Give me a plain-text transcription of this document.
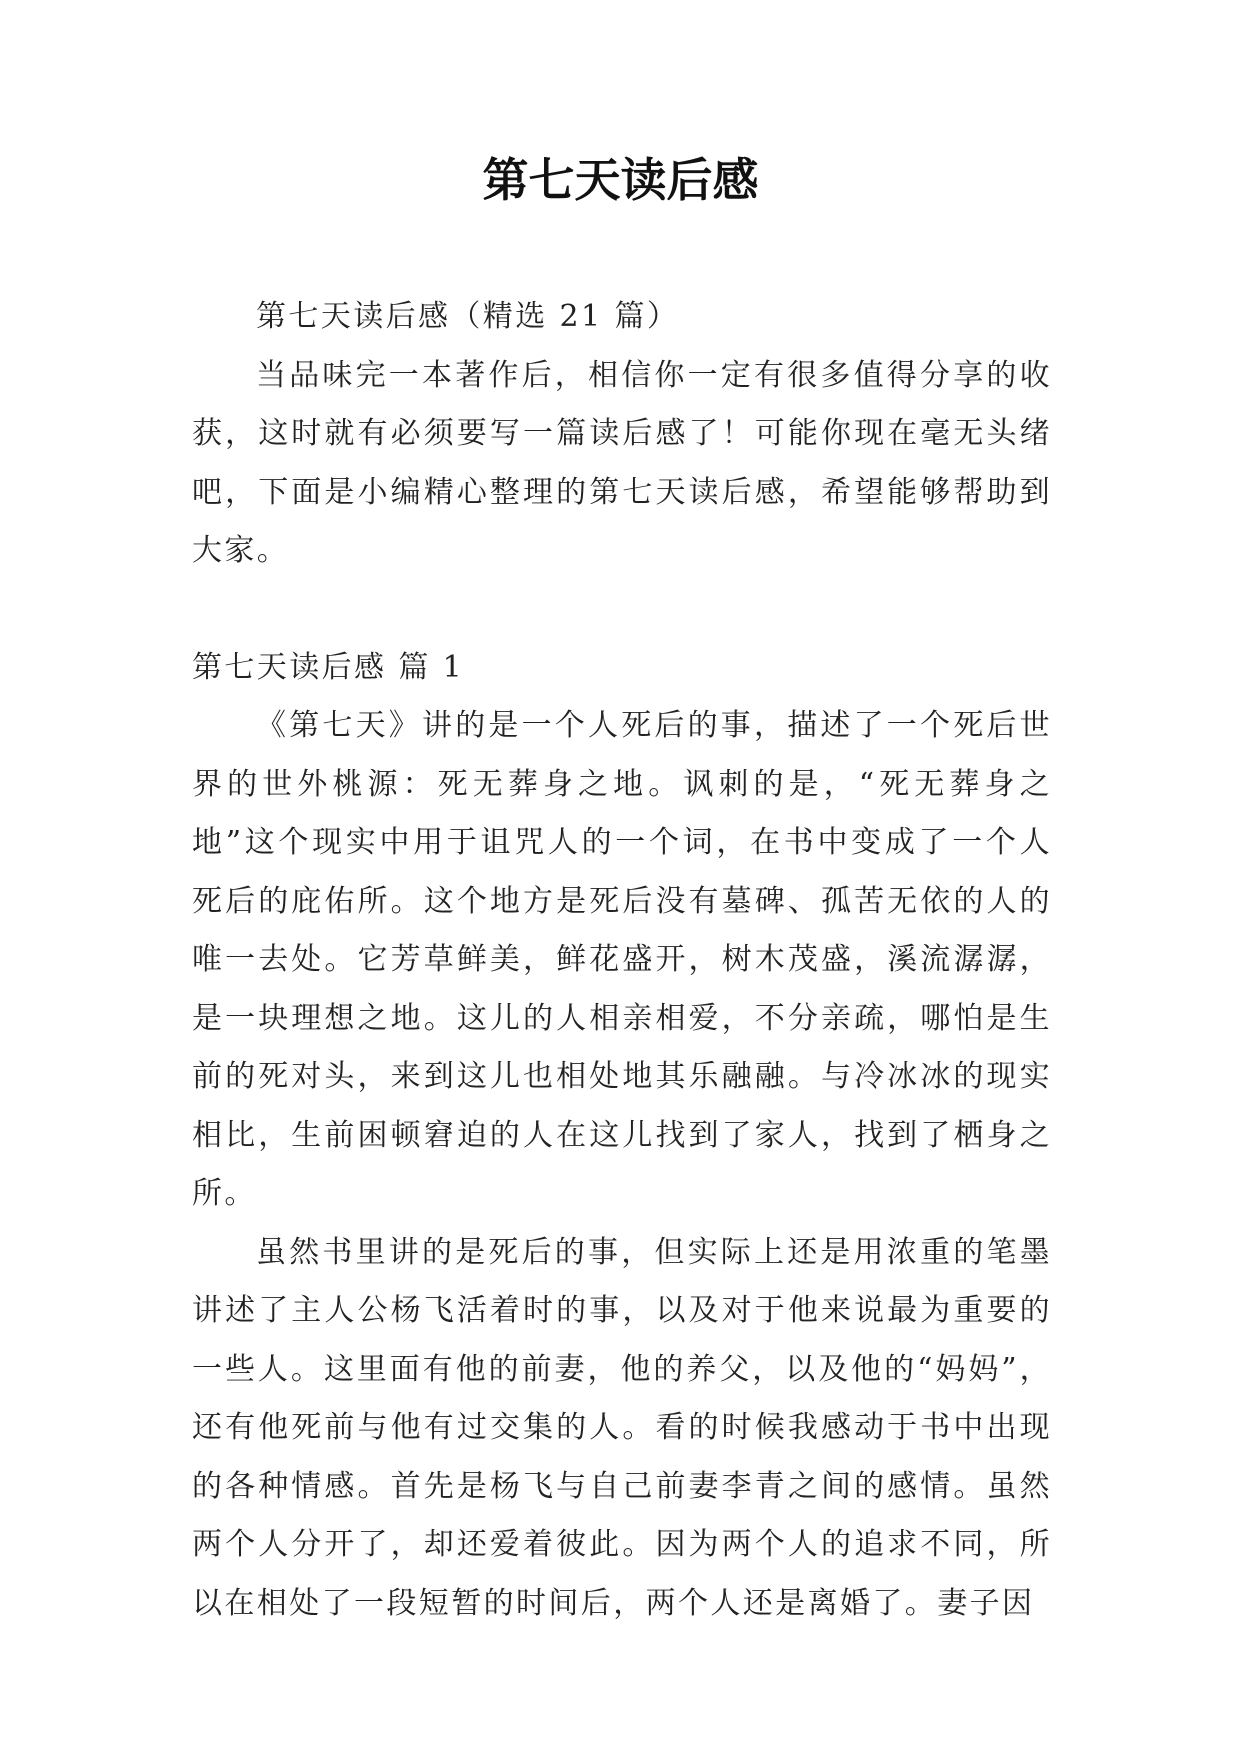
第七天读后感

第七天读后感（精选 21 篇）

当品味完一本著作后，相信你一定有很多值得分享的收获，这时就有必须要写一篇读后感了！可能你现在毫无头绪吧，下面是小编精心整理的第七天读后感，希望能够帮助到大家。

第七天读后感 篇 1

《第七天》讲的是一个人死后的事，描述了一个死后世界的世外桃源：死无葬身之地。讽刺的是，“死无葬身之地”这个现实中用于诅咒人的一个词，在书中变成了一个人死后的庇佑所。这个地方是死后没有墓碑、孤苦无依的人的唯一去处。它芳草鲜美，鲜花盛开，树木茂盛，溪流潺潺，是一块理想之地。这儿的人相亲相爱，不分亲疏，哪怕是生前的死对头，来到这儿也相处地其乐融融。与冷冰冰的现实相比，生前困顿窘迫的人在这儿找到了家人，找到了栖身之所。

虽然书里讲的是死后的事，但实际上还是用浓重的笔墨讲述了主人公杨飞活着时的事，以及对于他来说最为重要的一些人。这里面有他的前妻，他的养父，以及他的“妈妈”，还有他死前与他有过交集的人。看的时候我感动于书中出现的各种情感。首先是杨飞与自己前妻李青之间的感情。虽然两个人分开了，却还爱着彼此。因为两个人的追求不同，所以在相处了一段短暂的时间后，两个人还是离婚了。妻子因
